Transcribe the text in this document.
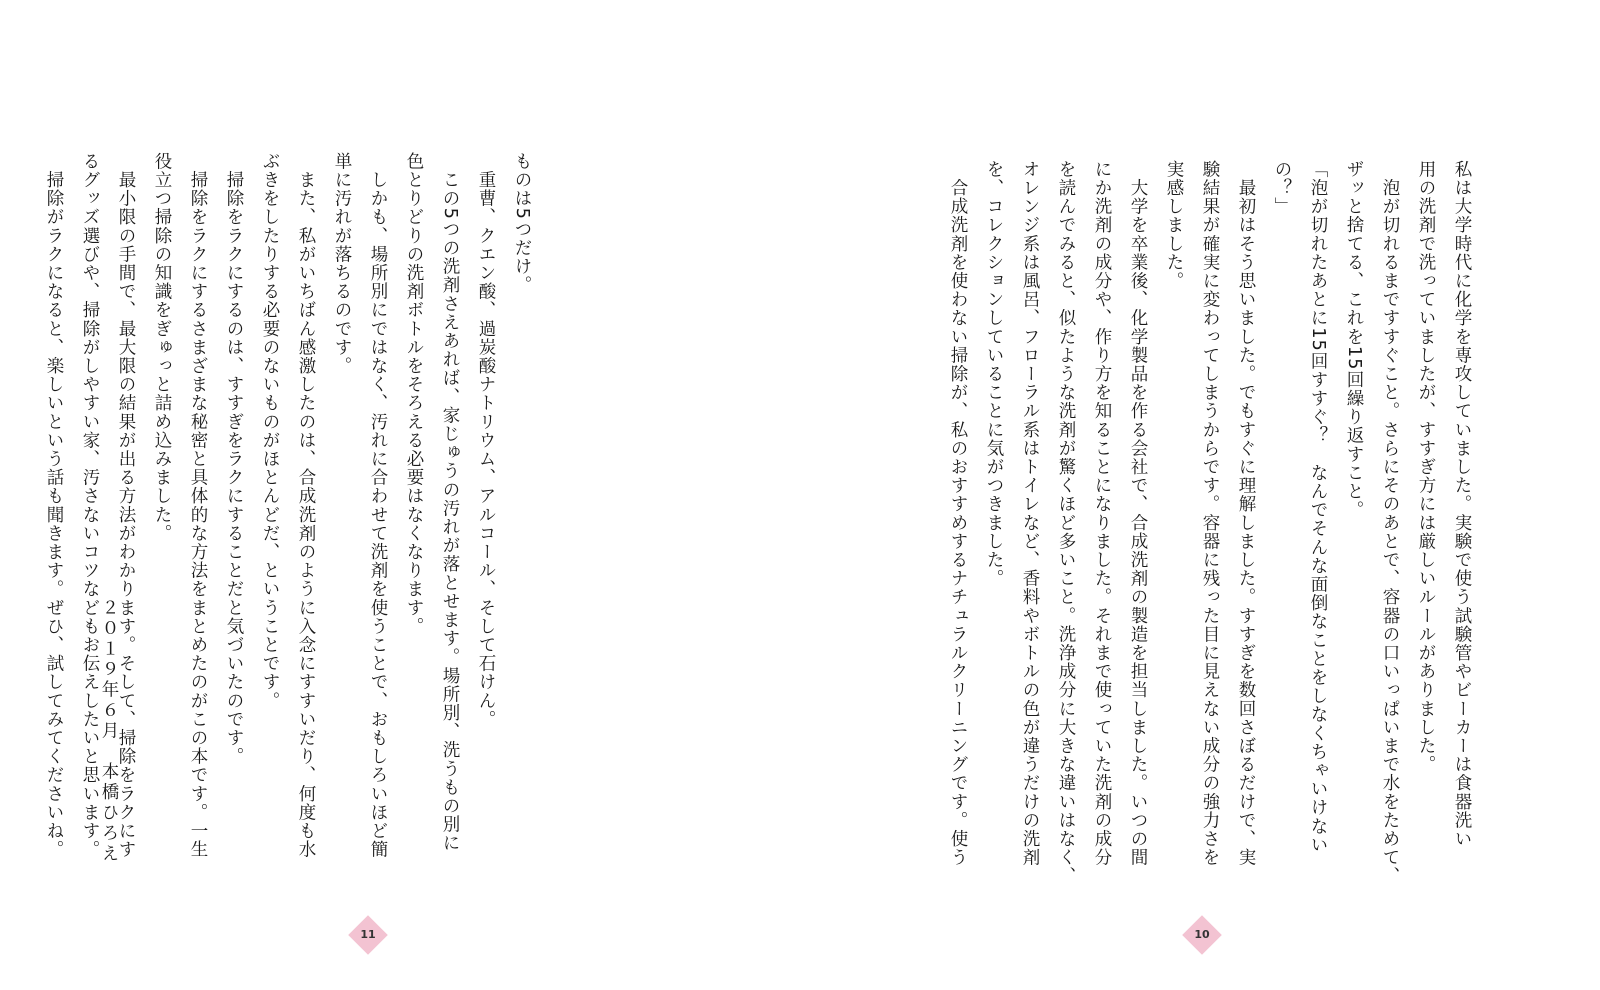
私は大学時代に化学を専攻していました。実験で使う試験管やビーカーは食器洗い
用の洗剤で洗っていましたが、すすぎ方には厳しいルールがありました。
　泡が切れるまですすぐこと。さらにそのあとで、容器の口いっぱいまで水をためて、
ザッと捨てる、これを15回繰り返すこと。
「泡が切れたあとに15回すすぐ？　なんでそんな面倒なことをしなくちゃいけない
の？」
　最初はそう思いました。でもすぐに理解しました。すすぎを数回さぼるだけで、実
験結果が確実に変わってしまうからです。容器に残った目に見えない成分の強力さを
実感しました。
　大学を卒業後、化学製品を作る会社で、合成洗剤の製造を担当しました。いつの間
にか洗剤の成分や、作り方を知ることになりました。それまで使っていた洗剤の成分
を読んでみると、似たような洗剤が驚くほど多いこと。洗浄成分に大きな違いはなく、
オレンジ系は風呂、フローラル系はトイレなど、香料やボトルの色が違うだけの洗剤
を、コレクションしていることに気がつきました。
　合成洗剤を使わない掃除が、私のおすすめするナチュラルクリーニングです。使う
10
ものは5つだけ。
　重曹、クエン酸、過炭酸ナトリウム、アルコール、そして石けん。
　この5つの洗剤さえあれば、家じゅうの汚れが落とせます。場所別、洗うもの別に
色とりどりの洗剤ボトルをそろえる必要はなくなります。
　しかも、場所別にではなく、汚れに合わせて洗剤を使うことで、おもしろいほど簡
単に汚れが落ちるのです。
　また、私がいちばん感激したのは、合成洗剤のように入念にすすいだり、何度も水
ぶきをしたりする必要のないものがほとんどだ、ということです。
　掃除をラクにするのは、すすぎをラクにすることだと気づいたのです。
　掃除をラクにするさまざまな秘密と具体的な方法をまとめたのがこの本です。一生
役立つ掃除の知識をぎゅっと詰め込みました。
　最小限の手間で、最大限の結果が出る方法がわかります。そして、掃除をラクにす
るグッズ選びや、掃除がしやすい家、汚さないコツなどもお伝えしたいと思います。
　掃除がラクになると、楽しいという話も聞きます。ぜひ、試してみてくださいね。	２０１９年６月　本橋ひろえ
11
